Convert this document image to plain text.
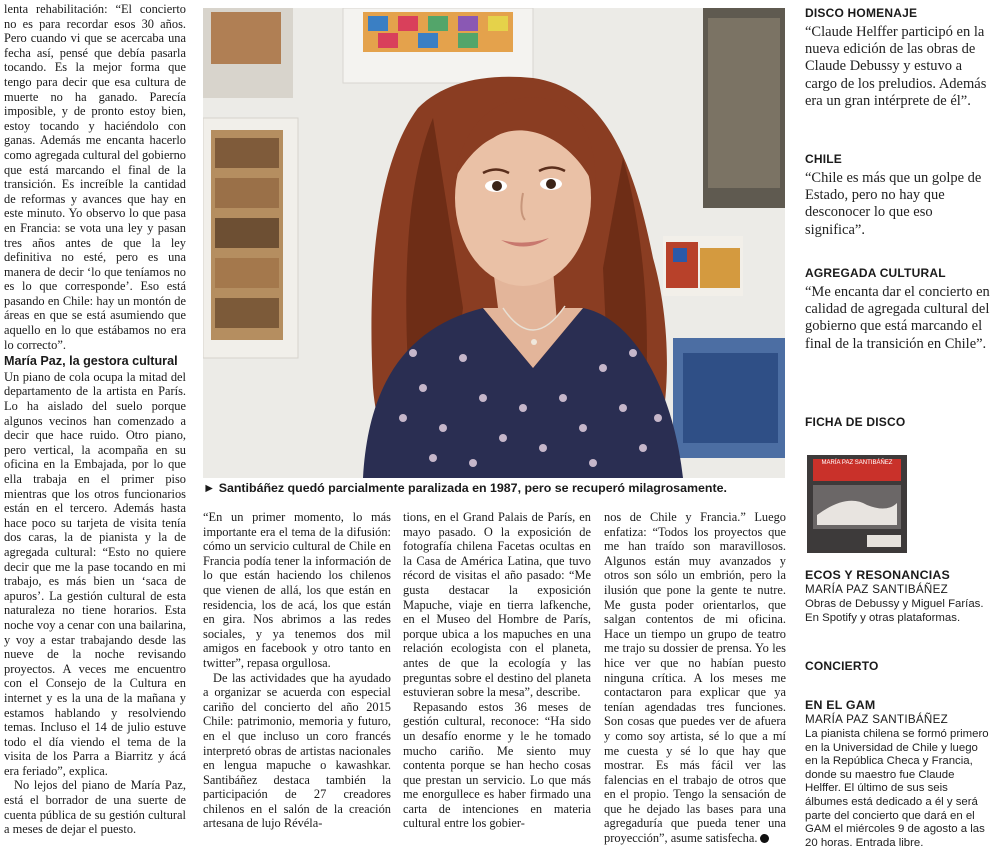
lenta rehabilitación: “El concierto no es para recordar esos 30 años. Pero cuando vi que se acercaba una fecha así, pensé que debía pasarla tocando. Es la mejor forma que tengo para decir que esa cultura de muerte no ha ganado. Parecía imposible, y de pronto estoy bien, estoy tocando y haciéndolo con ganas. Además me encanta hacerlo como agregada cultural del gobierno que está marcando el final de la transición. Es increíble la cantidad de reformas y avances que hay en este minuto. Yo observo lo que pasa en Francia: se vota una ley y pasan tres años antes de que la ley definitiva no esté, pero es una manera de decir ‘lo que teníamos no es lo que corresponde’. Eso está pasando en Chile: hay un montón de áreas en que se está asumiendo que aquello en lo que estábamos no era lo correcto”.

María Paz, la gestora cultural

Un piano de cola ocupa la mitad del departamento de la artista en París. Lo ha aislado del suelo porque algunos vecinos han comenzado a decir que hace ruido. Otro piano, pero vertical, la acompaña en su oficina en la Embajada, por lo que ella trabaja en el primer piso mientras que los otros funcionarios están en el tercero. Además hasta hace poco su tarjeta de visita tenía dos caras, la de pianista y la de agregada cultural: “Esto no quiere decir que me la pase tocando en mi trabajo, es más bien un ‘saca de apuros’. La gestión cultural de esta naturaleza no tiene horarios. Esta noche voy a cenar con una bailarina, y voy a estar trabajando desde las nueve de la noche revisando proyectos. A veces me encuentro con el Consejo de la Cultura en internet y es la una de la mañana y estamos hablando y resolviendo temas. Incluso el 14 de julio estuve todo el día viendo el tema de la visita de los Parra a Biarritz y ácá era feriado”, explica.

No lejos del piano de María Paz, está el borrador de una suerte de cuenta pública de su gestión cultural a meses de dejar el puesto.

► Santibáñez quedó parcialmente paralizada en 1987, pero se recuperó milagrosamente.

“En un primer momento, lo más importante era el tema de la difusión: cómo un servicio cultural de Chile en Francia podía tener la información de lo que están haciendo los chilenos que vienen de allá, los que están en residencia, los de acá, los que están en gira. Nos abrimos a las redes sociales, y ya tenemos dos mil amigos en facebook y otro tanto en twitter”, repasa orgullosa.

De las actividades que ha ayudado a organizar se acuerda con especial cariño del concierto del año 2015 Chile: patrimonio, memoria y futuro, en el que incluso un coro francés interpretó obras de artistas nacionales en lengua mapuche o kawashkar. Santibáñez destaca también la participación de 27 creadores chilenos en el salón de la creación artesana de lujo Révéla-

tions, en el Grand Palais de París, en mayo pasado. O la exposición de fotografía chilena Facetas ocultas en la Casa de América Latina, que tuvo récord de visitas el año pasado: “Me gusta destacar la exposición Mapuche, viaje en tierra lafkenche, en el Museo del Hombre de París, porque ubica a los mapuches en una relación ecologista con el planeta, antes de que la ecología y las preguntas sobre el destino del planeta estuvieran sobre la mesa”, describe.

Repasando estos 36 meses de gestión cultural, reconoce: “Ha sido un desafío enorme y le he tomado mucho cariño. Me siento muy contenta porque se han hecho cosas que prestan un servicio. Lo que más me enorgullece es haber firmado una carta de intenciones en materia cultural entre los gobier-

nos de Chile y Francia.” Luego enfatiza: “Todos los proyectos que me han traído son maravillosos. Algunos están muy avanzados y otros son sólo un embrión, pero la ilusión que pone la gente te nutre. Me gusta poder orientarlos, que salgan contentos de mi oficina. Hace un tiempo un grupo de teatro me trajo su dossier de prensa. Yo les hice ver que no habían puesto ninguna crítica. A los meses me contactaron para explicar que ya tenían agendadas tres funciones. Son cosas que puedes ver de afuera y como soy artista, sé lo que a mí me cuesta y sé lo que hay que mostrar. Es más fácil ver las falencias en el trabajo de otros que en el propio. Tengo la sensación de que he dejado las bases para una agregaduría que pueda tener una proyección”, asume satisfecha.

DISCO HOMENAJE

“Claude Helffer participó en la nueva edición de las obras de Claude Debussy y estuvo a cargo de los preludios. Además era un gran intérprete de él”.

CHILE

“Chile es más que un golpe de Estado, pero no hay que desconocer lo que eso significa”.

AGREGADA CULTURAL

“Me encanta dar el concierto en calidad de agregada cultural del gobierno que está marcando el final de la transición en Chile”.

FICHA DE DISCO

MARÍA PAZ SANTIBÁÑEZ

ECOS Y RESONANCIAS

MARÍA PAZ SANTIBÁÑEZ

Obras de Debussy y Miguel Farías. En Spotify y otras plataformas.

CONCIERTO

EN EL GAM

MARÍA PAZ SANTIBÁÑEZ

La pianista chilena se formó primero en la Universidad de Chile y luego en la República Checa y Francia, donde su maestro fue Claude Helffer. El último de sus seis álbumes está dedicado a él y será parte del concierto que dará en el GAM el miércoles 9 de agosto a las 20 horas. Entrada libre.
